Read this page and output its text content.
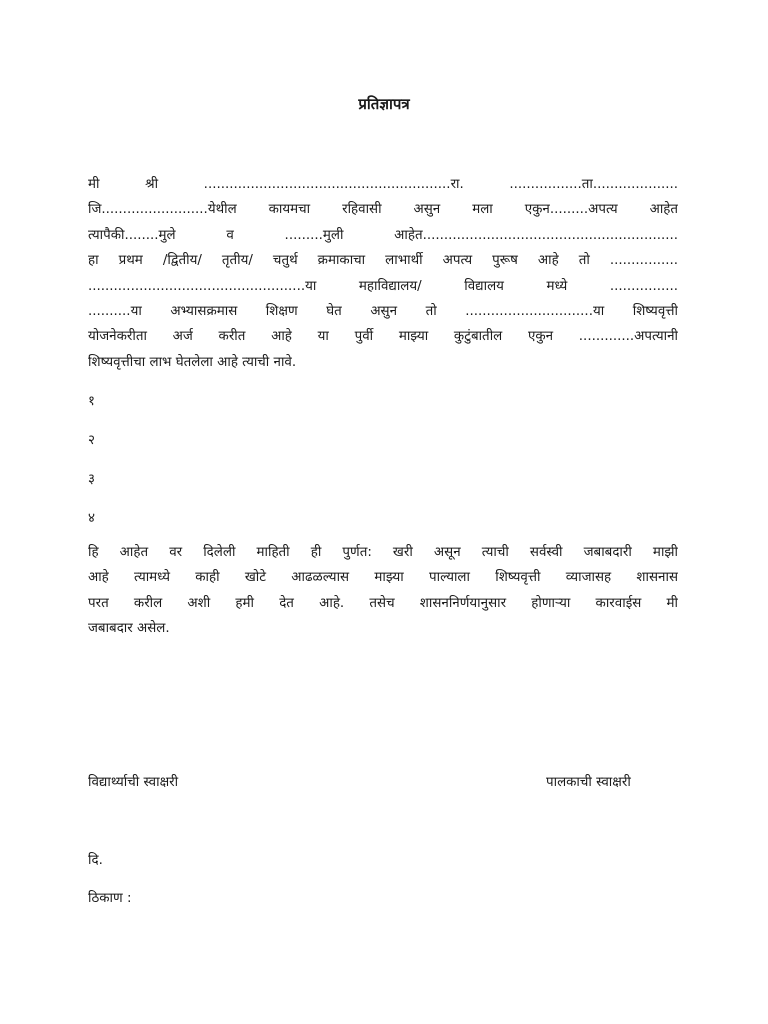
प्रतिज्ञापत्र
मी श्री ..........................................................रा. .................ता....................
जि.........................येथील कायमचा रहिवासी असुन मला एकुन.........अपत्य आहेत
त्यापैकी........मुले व .........मुली आहेत............................................................
हा प्रथम /द्वितीय/ तृतीय/ चतुर्थ क्रमाकाचा लाभार्थी अपत्य पुरूष आहे तो ................
...................................................या महाविद्यालय/ विद्यालय मध्ये ................
..........या अभ्यासक्रमास शिक्षण घेत असुन तो ..............................या शिष्यवृत्ती
योजनेकरीता अर्ज करीत आहे या पुर्वी माझ्या कुटुंबातील एकुन .............अपत्यानी
शिष्यवृत्तीचा लाभ घेतलेला आहे त्याची नावे.
१
२
३
४
हि आहेत वर दिलेली माहिती ही पुर्णत: खरी असून त्याची सर्वस्वी जबाबदारी माझी
आहे त्यामध्ये काही खोटे आढळल्यास माझ्या पाल्याला शिष्यवृत्ती व्याजासह शासनास
परत करील अशी हमी देत आहे. तसेच शासननिर्णयानुसार होणाऱ्या कारवाईस मी
जबाबदार असेल.
विद्यार्थ्याची स्वाक्षरी	पालकाची स्वाक्षरी
दि.
ठिकाण :
